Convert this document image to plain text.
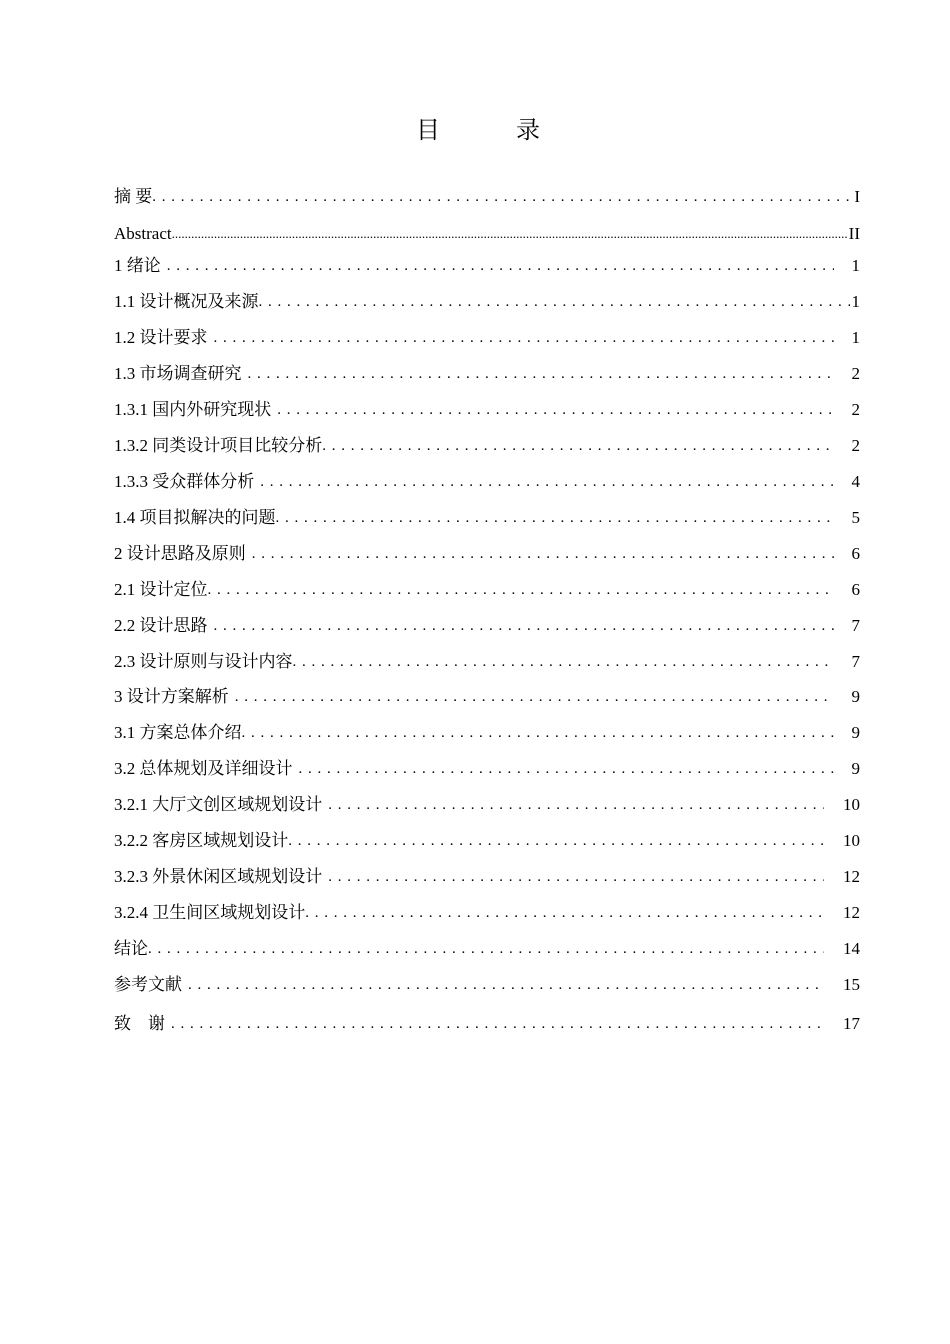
目　录
摘 要 . . .	I
Abstract .....	II
1 绪论 . . .	1
1.1 设计概况及来源 . . .	1
1.2 设计要求 . . .	1
1.3 市场调查研究 . . .	2
1.3.1 国内外研究现状 . . .	2
1.3.2 同类设计项目比较分析 . . .	2
1.3.3 受众群体分析 . . .	4
1.4 项目拟解决的问题 . . .	5
2 设计思路及原则 . . .	6
2.1 设计定位 . . .	6
2.2 设计思路 . . .	7
2.3 设计原则与设计内容 . . .	7
3 设计方案解析 . . .	9
3.1 方案总体介绍 . . .	9
3.2 总体规划及详细设计 . . .	9
3.2.1 大厅文创区域规划设计 . . .	10
3.2.2 客房区域规划设计 . . .	10
3.2.3 外景休闲区域规划设计 . . .	12
3.2.4 卫生间区域规划设计 . . .	12
结论 . . .	14
参考文献 . . .	15
致　谢 . . .	17
